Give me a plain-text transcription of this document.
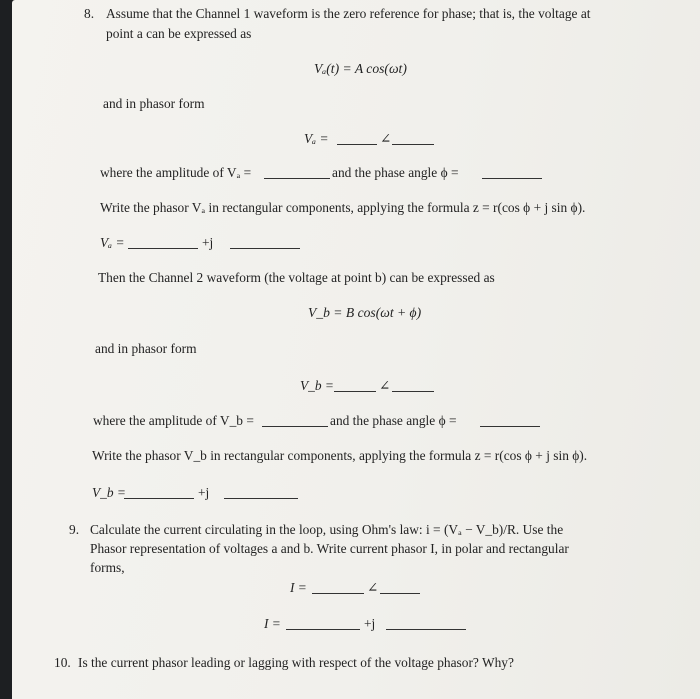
8. Assume that the Channel 1 waveform is the zero reference for phase; that is, the voltage at
point a can be expressed as
Vₐ(t) = A cos(ωt)
and in phasor form
Vₐ =	∠
where the amplitude of Vₐ =	and the phase angle ϕ =
Write the phasor Vₐ in rectangular components, applying the formula z = r(cos ϕ + j sin ϕ).
Vₐ =	+j
Then the Channel 2 waveform (the voltage at point b) can be expressed as
V_b = B cos(ωt + ϕ)
and in phasor form
V_b =	∠
where the amplitude of V_b =	and the phase angle ϕ =
Write the phasor V_b in rectangular components, applying the formula z = r(cos ϕ + j sin ϕ).
V_b =	+j
9. Calculate the current circulating in the loop, using Ohm's law: i = (Vₐ − V_b)/R. Use the
Phasor representation of voltages a and b. Write current phasor I, in polar and rectangular
forms,
I =	∠
I =	+j
10. Is the current phasor leading or lagging with respect of the voltage phasor? Why?
